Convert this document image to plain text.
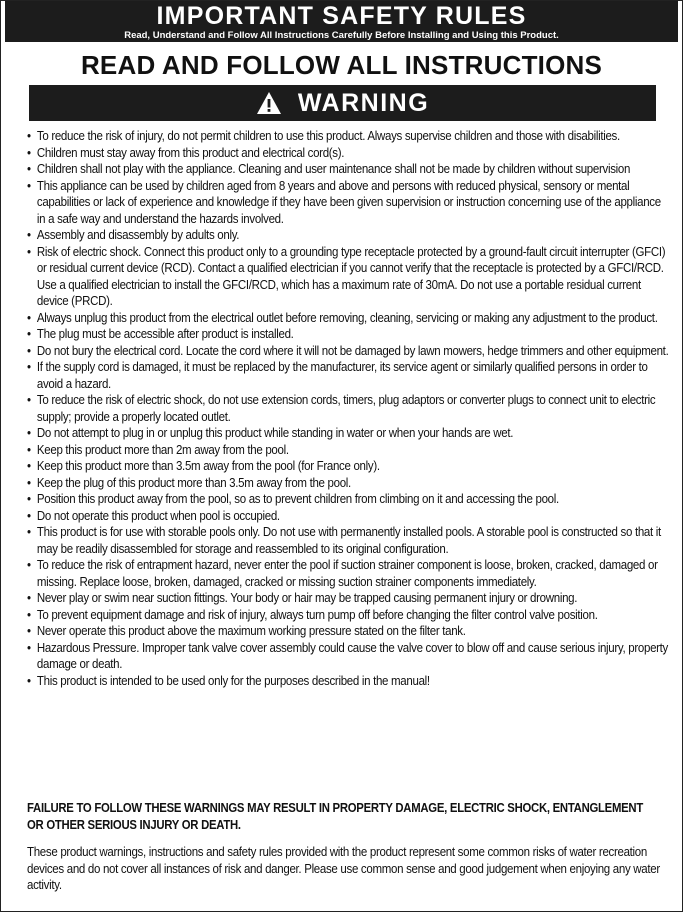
IMPORTANT SAFETY RULES
Read, Understand and Follow All Instructions Carefully Before Installing and Using this Product.
READ AND FOLLOW ALL INSTRUCTIONS
WARNING
• To reduce the risk of injury, do not permit children to use this product. Always supervise children and those with disabilities.
• Children must stay away from this product and electrical cord(s).
• Children shall not play with the appliance. Cleaning and user maintenance shall not be made by children without supervision
• This appliance can be used by children aged from 8 years and above and persons with reduced physical, sensory or mental capabilities or lack of experience and knowledge if they have been given supervision or instruction concerning use of the appliance in a safe way and understand the hazards involved.
• Assembly and disassembly by adults only.
• Risk of electric shock. Connect this product only to a grounding type receptacle protected by a ground-fault circuit interrupter (GFCI) or residual current device (RCD). Contact a qualified electrician if you cannot verify that the receptacle is protected by a GFCI/RCD. Use a qualified electrician to install the GFCI/RCD, which has a maximum rate of 30mA. Do not use a portable residual current device (PRCD).
• Always unplug this product from the electrical outlet before removing, cleaning, servicing or making any adjustment to the product.
• The plug must be accessible after product is installed.
• Do not bury the electrical cord. Locate the cord where it will not be damaged by lawn mowers, hedge trimmers and other equipment.
• If the supply cord is damaged, it must be replaced by the manufacturer, its service agent or similarly qualified persons in order to avoid a hazard.
• To reduce the risk of electric shock, do not use extension cords, timers, plug adaptors or converter plugs to connect unit to electric supply; provide a properly located outlet.
• Do not attempt to plug in or unplug this product while standing in water or when your hands are wet.
• Keep this product more than 2m away from the pool.
• Keep this product more than 3.5m away from the pool (for France only).
• Keep the plug of this product more than 3.5m away from the pool.
• Position this product away from the pool, so as to prevent children from climbing on it and accessing the pool.
• Do not operate this product when pool is occupied.
• This product is for use with storable pools only. Do not use with permanently installed pools. A storable pool is constructed so that it may be readily disassembled for storage and reassembled to its original configuration.
• To reduce the risk of entrapment hazard, never enter the pool if suction strainer component is loose, broken, cracked, damaged or missing. Replace loose, broken, damaged, cracked or missing suction strainer components immediately.
• Never play or swim near suction fittings. Your body or hair may be trapped causing permanent injury or drowning.
• To prevent equipment damage and risk of injury, always turn pump off before changing the filter control valve position.
• Never operate this product above the maximum working pressure stated on the filter tank.
• Hazardous Pressure. Improper tank valve cover assembly could cause the valve cover to blow off and cause serious injury, property damage or death.
• This product is intended to be used only for the purposes described in the manual!
FAILURE TO FOLLOW THESE WARNINGS MAY RESULT IN PROPERTY DAMAGE, ELECTRIC SHOCK, ENTANGLEMENT OR OTHER SERIOUS INJURY OR DEATH.
These product warnings, instructions and safety rules provided with the product represent some common risks of water recreation devices and do not cover all instances of risk and danger. Please use common sense and good judgement when enjoying any water activity.
